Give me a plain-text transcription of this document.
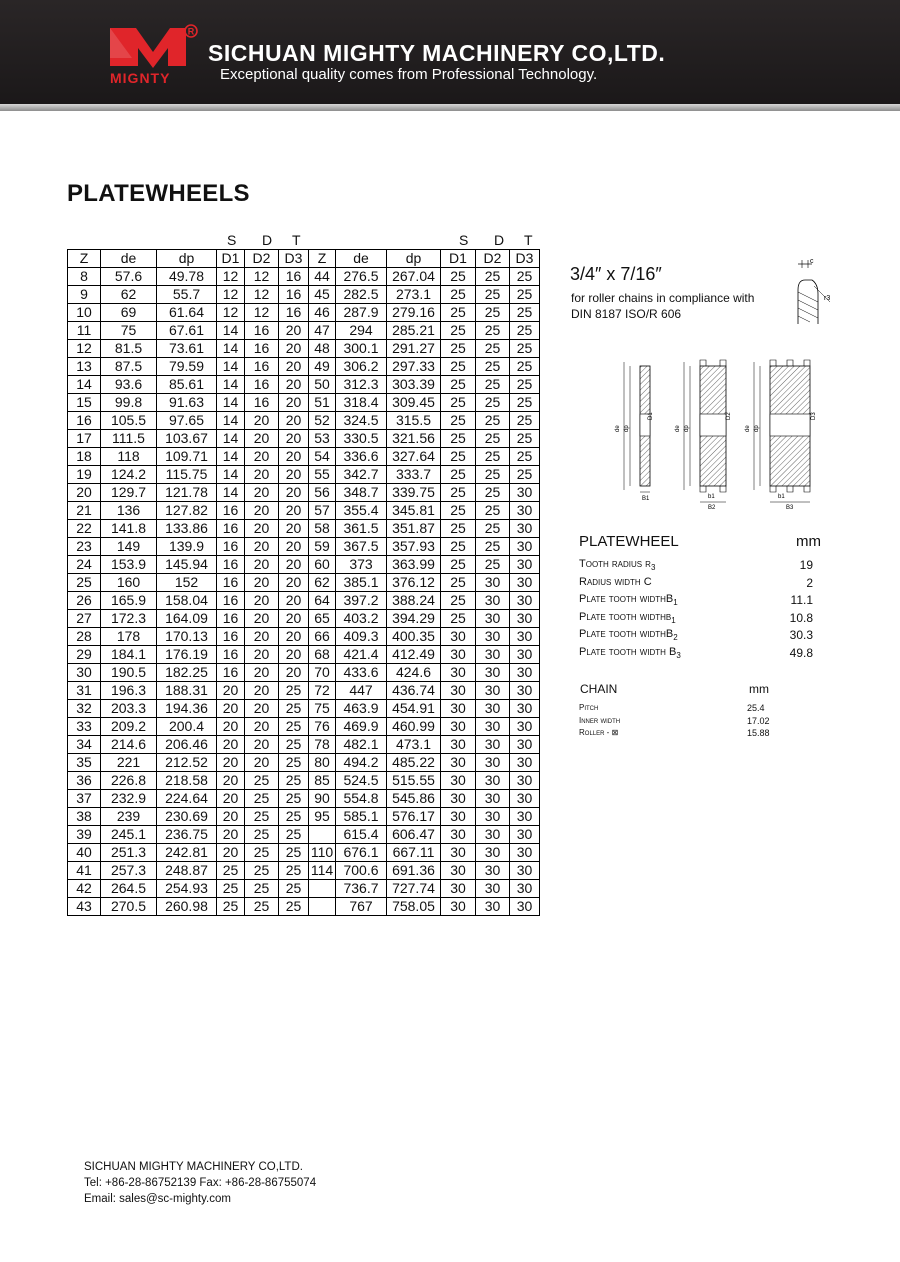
R
MIGNTY
SICHUAN MIGHTY MACHINERY CO,LTD.
Exceptional quality comes from Professional Technology.
PLATEWHEELS
S D T	S D T
Z	de	dp	D1	D2	D3	Z	de	dp	D1	D2	D3
8	57.6	49.78	12	12	16	44	276.5	267.04	25	25	25
9	62	55.7	12	12	16	45	282.5	273.1	25	25	25
10	69	61.64	12	12	16	46	287.9	279.16	25	25	25
11	75	67.61	14	16	20	47	294	285.21	25	25	25
12	81.5	73.61	14	16	20	48	300.1	291.27	25	25	25
13	87.5	79.59	14	16	20	49	306.2	297.33	25	25	25
14	93.6	85.61	14	16	20	50	312.3	303.39	25	25	25
15	99.8	91.63	14	16	20	51	318.4	309.45	25	25	25
16	105.5	97.65	14	20	20	52	324.5	315.5	25	25	25
17	111.5	103.67	14	20	20	53	330.5	321.56	25	25	25
18	118	109.71	14	20	20	54	336.6	327.64	25	25	25
19	124.2	115.75	14	20	20	55	342.7	333.7	25	25	25
20	129.7	121.78	14	20	20	56	348.7	339.75	25	25	30
21	136	127.82	16	20	20	57	355.4	345.81	25	25	30
22	141.8	133.86	16	20	20	58	361.5	351.87	25	25	30
23	149	139.9	16	20	20	59	367.5	357.93	25	25	30
24	153.9	145.94	16	20	20	60	373	363.99	25	25	30
25	160	152	16	20	20	62	385.1	376.12	25	30	30
26	165.9	158.04	16	20	20	64	397.2	388.24	25	30	30
27	172.3	164.09	16	20	20	65	403.2	394.29	25	30	30
28	178	170.13	16	20	20	66	409.3	400.35	30	30	30
29	184.1	176.19	16	20	20	68	421.4	412.49	30	30	30
30	190.5	182.25	16	20	20	70	433.6	424.6	30	30	30
31	196.3	188.31	20	20	25	72	447	436.74	30	30	30
32	203.3	194.36	20	20	25	75	463.9	454.91	30	30	30
33	209.2	200.4	20	20	25	76	469.9	460.99	30	30	30
34	214.6	206.46	20	20	25	78	482.1	473.1	30	30	30
35	221	212.52	20	20	25	80	494.2	485.22	30	30	30
36	226.8	218.58	20	25	25	85	524.5	515.55	30	30	30
37	232.9	224.64	20	25	25	90	554.8	545.86	30	30	30
38	239	230.69	20	25	25	95	585.1	576.17	30	30	30
39	245.1	236.75	20	25	25		615.4	606.47	30	30	30
40	251.3	242.81	20	25	25	110	676.1	667.11	30	30	30
41	257.3	248.87	25	25	25	114	700.6	691.36	30	30	30
42	264.5	254.93	25	25	25		736.7	727.74	30	30	30
43	270.5	260.98	25	25	25		767	758.05	30	30	30
3/4″ x 7/16″
for roller chains in compliance with
DIN 8187 ISO/R 606
c
r3
de dp
D1
B1
de dp
D2
b1
B2
de dp
D3
b1
B3
PLATEWHEEL	mm
Tooth radius $r_3$	19
Radius width C	2
Plate tooth widthB$_1$	11.1
Plate tooth widthb$_1$	10.8
Plate tooth widthB$_2$	30.3
Plate tooth width $B_3$	49.8
CHAIN	mm
Pitch	25.4
Inner width	17.02
Roller - ⊠	15.88
SICHUAN MIGHTY MACHINERY CO,LTD.
Tel: +86-28-86752139 Fax: +86-28-86755074
Email: sales@sc-mighty.com
